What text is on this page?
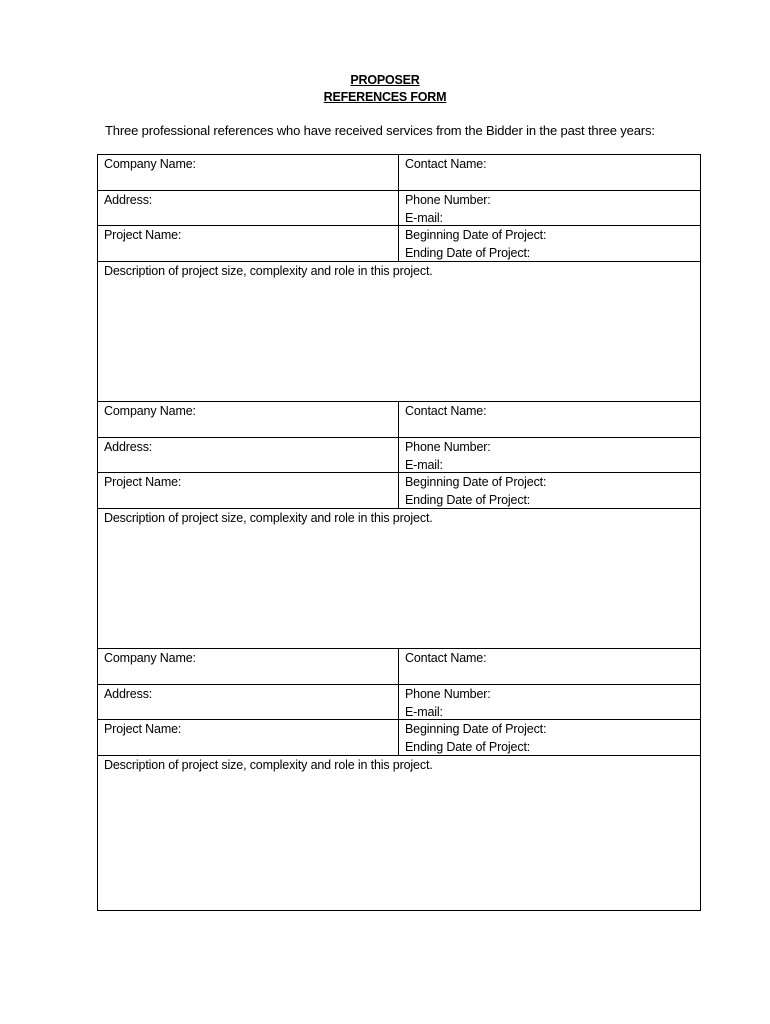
PROPOSER
REFERENCES FORM
Three professional references who have received services from the Bidder in the past three years:
Company Name:	Contact Name:
Address:	Phone Number:
E-mail:
Project Name:	Beginning Date of Project:
Ending Date of Project:
Description of project size, complexity and role in this project.
Company Name:	Contact Name:
Address:	Phone Number:
E-mail:
Project Name:	Beginning Date of Project:
Ending Date of Project:
Description of project size, complexity and role in this project.
Company Name:	Contact Name:
Address:	Phone Number:
E-mail:
Project Name:	Beginning Date of Project:
Ending Date of Project:
Description of project size, complexity and role in this project.
